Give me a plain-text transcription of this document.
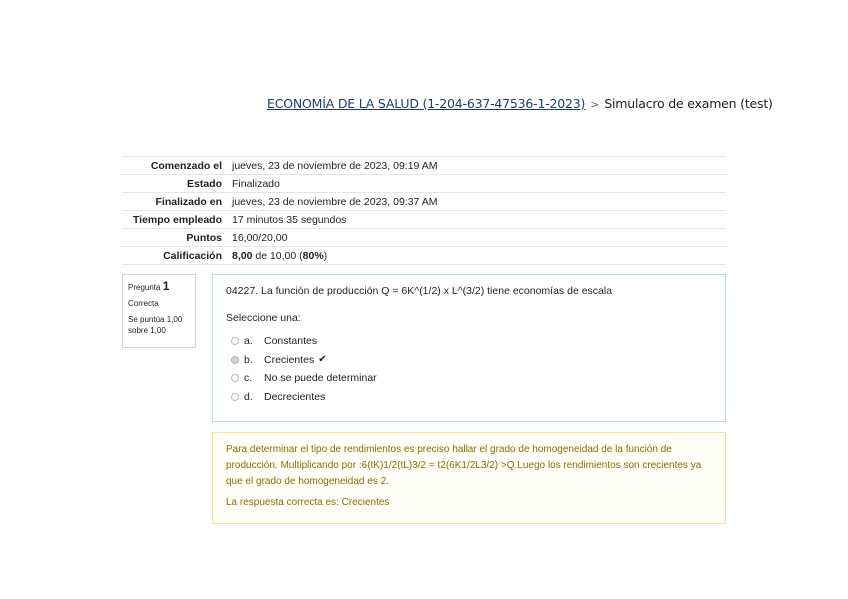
ECONOMÍA DE LA SALUD (1-204-637-47536-1-2023) > Simulacro de examen (test)
Comenzado el	jueves, 23 de noviembre de 2023, 09:19 AM
Estado	Finalizado
Finalizado en	jueves, 23 de noviembre de 2023, 09:37 AM
Tiempo empleado	17 minutos 35 segundos
Puntos	16,00/20,00
Calificación	8,00 de 10,00 (80%)
Pregunta 1
Correcta
Se puntúa 1,00 sobre 1,00

04227. La función de producción Q = 6K^(1/2) x L^(3/2) tiene economías de escala

Seleccione una:
a.	Constantes
b.	Crecientes ✔
c.	No se puede determinar
d.	Decrecientes

Para determinar el tipo de rendimientos es preciso hallar el grado de homogeneidad de la función de producción. Multiplicando por :6(tK)1/2(tL)3/2 = t2(6K1/2L3/2) >Q.Luego los rendimientos son crecientes ya que el grado de homogeneidad es 2.

La respuesta correcta es: Crecientes
